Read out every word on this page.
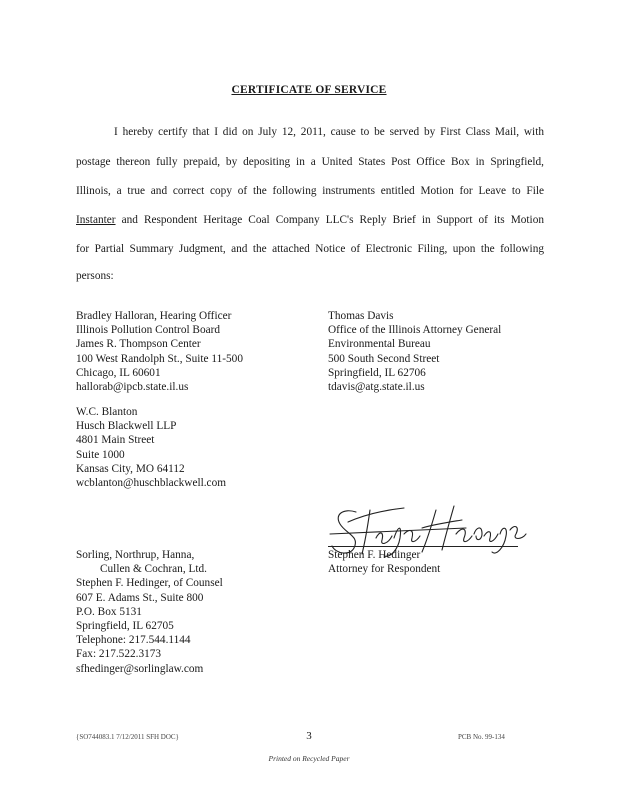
CERTIFICATE OF SERVICE
I hereby certify that I did on July 12, 2011, cause to be served by First Class Mail, with
postage thereon fully prepaid, by depositing in a United States Post Office Box in Springfield,
Illinois, a true and correct copy of the following instruments entitled Motion for Leave to File
Instanter and Respondent Heritage Coal Company LLC's Reply Brief in Support of its Motion
for Partial Summary Judgment, and the attached Notice of Electronic Filing, upon the following
persons:
Bradley Halloran, Hearing Officer
Illinois Pollution Control Board
James R. Thompson Center
100 West Randolph St., Suite 11-500
Chicago, IL 60601
hallorab@ipcb.state.il.us
Thomas Davis
Office of the Illinois Attorney General
Environmental Bureau
500 South Second Street
Springfield, IL 62706
tdavis@atg.state.il.us
W.C. Blanton
Husch Blackwell LLP
4801 Main Street
Suite 1000
Kansas City, MO 64112
wcblanton@huschblackwell.com
Stephen F. Hedinger
Attorney for Respondent
Sorling, Northrup, Hanna,
Cullen & Cochran, Ltd.
Stephen F. Hedinger, of Counsel
607 E. Adams St., Suite 800
P.O. Box 5131
Springfield, IL 62705
Telephone: 217.544.1144
Fax: 217.522.3173
sfhedinger@sorlinglaw.com
{SO744083.1 7/12/2011 SFH DOC}	3	PCB No. 99-134
Printed on Recycled Paper
